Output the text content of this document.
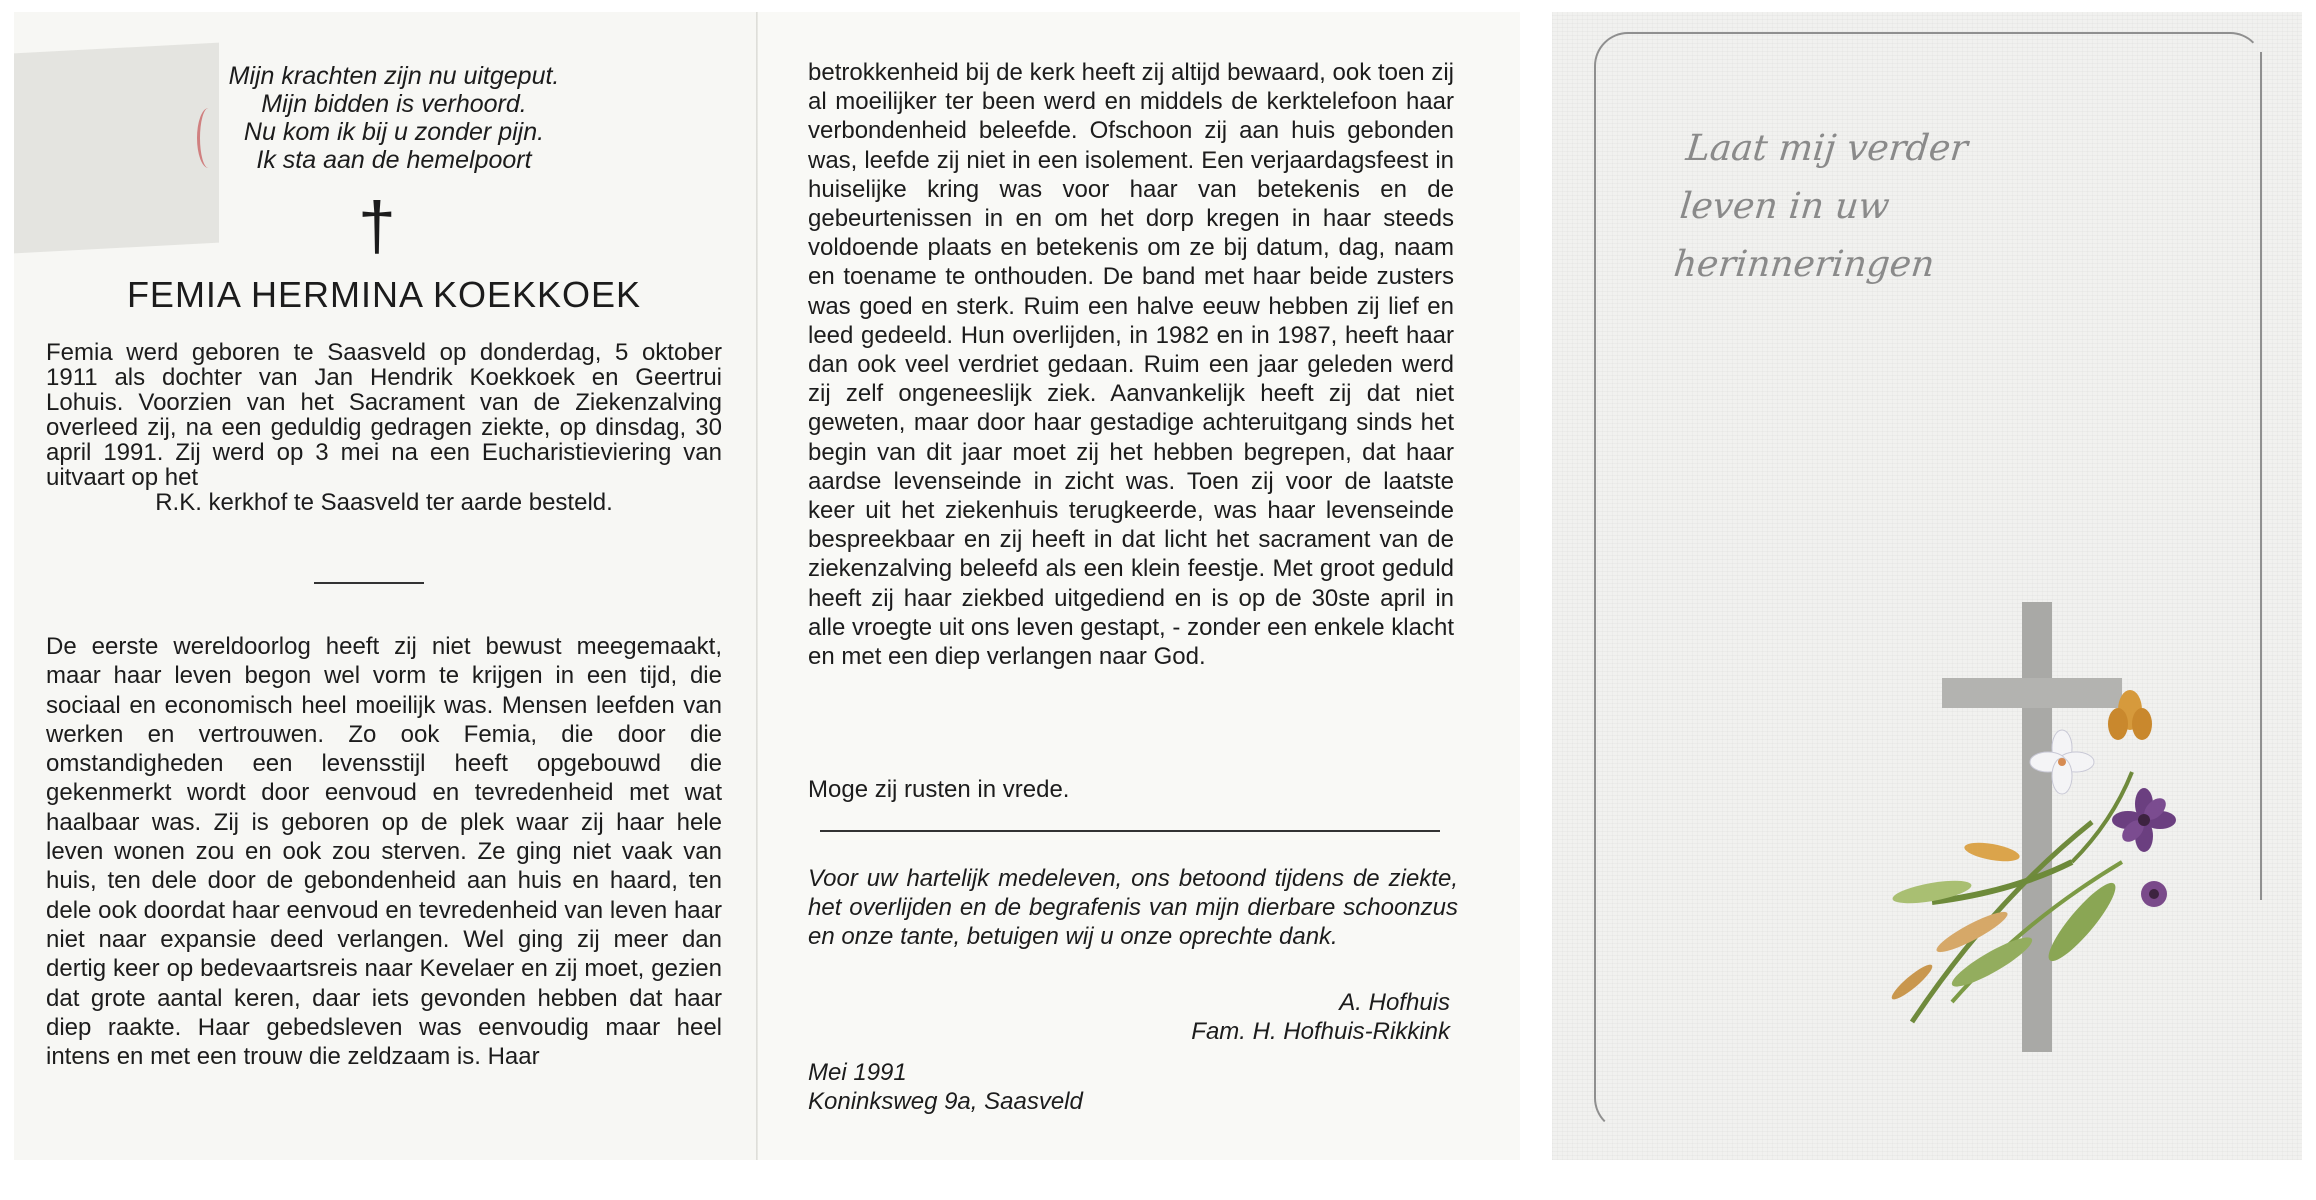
Mijn krachten zijn nu uitgeput.
Mijn bidden is verhoord.
Nu kom ik bij u zonder pijn.
Ik sta aan de hemelpoort
†
FEMIA HERMINA KOEKKOEK
Femia werd geboren te Saasveld op donderdag, 5 oktober 1911 als dochter van Jan Hendrik Koekkoek en Geertrui Lohuis. Voorzien van het Sacrament van de Ziekenzalving overleed zij, na een geduldig gedragen ziekte, op dinsdag, 30 april 1991. Zij werd op 3 mei na een Eucharistieviering van uitvaart op het
R.K. kerkhof te Saasveld ter aarde besteld.
De eerste wereldoorlog heeft zij niet bewust meegemaakt, maar haar leven begon wel vorm te krijgen in een tijd, die sociaal en economisch heel moeilijk was. Mensen leefden van werken en vertrouwen. Zo ook Femia, die door die omstandigheden een levensstijl heeft opgebouwd die gekenmerkt wordt door eenvoud en tevredenheid met wat haalbaar was. Zij is geboren op de plek waar zij haar hele leven wonen zou en ook zou sterven. Ze ging niet vaak van huis, ten dele door de gebondenheid aan huis en haard, ten dele ook doordat haar eenvoud en tevredenheid van leven haar niet naar expansie deed verlangen. Wel ging zij meer dan dertig keer op bedevaartsreis naar Kevelaer en zij moet, gezien dat grote aantal keren, daar iets gevonden hebben dat haar diep raakte. Haar gebedsleven was eenvoudig maar heel intens en met een trouw die zeldzaam is. Haar
betrokkenheid bij de kerk heeft zij altijd bewaard, ook toen zij al moeilijker ter been werd en middels de kerktelefoon haar verbondenheid beleefde. Ofschoon zij aan huis gebonden was, leefde zij niet in een isolement. Een verjaardagsfeest in huiselijke kring was voor haar van betekenis en de gebeurtenissen in en om het dorp kregen in haar steeds voldoende plaats en betekenis om ze bij datum, dag, naam en toename te onthouden. De band met haar beide zusters was goed en sterk. Ruim een halve eeuw hebben zij lief en leed gedeeld. Hun overlijden, in 1982 en in 1987, heeft haar dan ook veel verdriet gedaan. Ruim een jaar geleden werd zij zelf ongeneeslijk ziek. Aanvankelijk heeft zij dat niet geweten, maar door haar gestadige achteruitgang sinds het begin van dit jaar moet zij het hebben begrepen, dat haar aardse levenseinde in zicht was. Toen zij voor de laatste keer uit het ziekenhuis terugkeerde, was haar levenseinde bespreekbaar en zij heeft in dat licht het sacrament van de ziekenzalving beleefd als een klein feestje. Met groot geduld heeft zij haar ziekbed uitgediend en is op de 30ste april in alle vroegte uit ons leven gestapt, - zonder een enkele klacht en met een diep verlangen naar God.
Moge zij rusten in vrede.
Voor uw hartelijk medeleven, ons betoond tijdens de ziekte, het overlijden en de begrafenis van mijn dierbare schoonzus en onze tante, betuigen wij u onze oprechte dank.
A. Hofhuis
Fam. H. Hofhuis-Rikkink
Mei 1991
Koninksweg 9a, Saasveld
Laat mij verder
leven in uw
herinneringen
